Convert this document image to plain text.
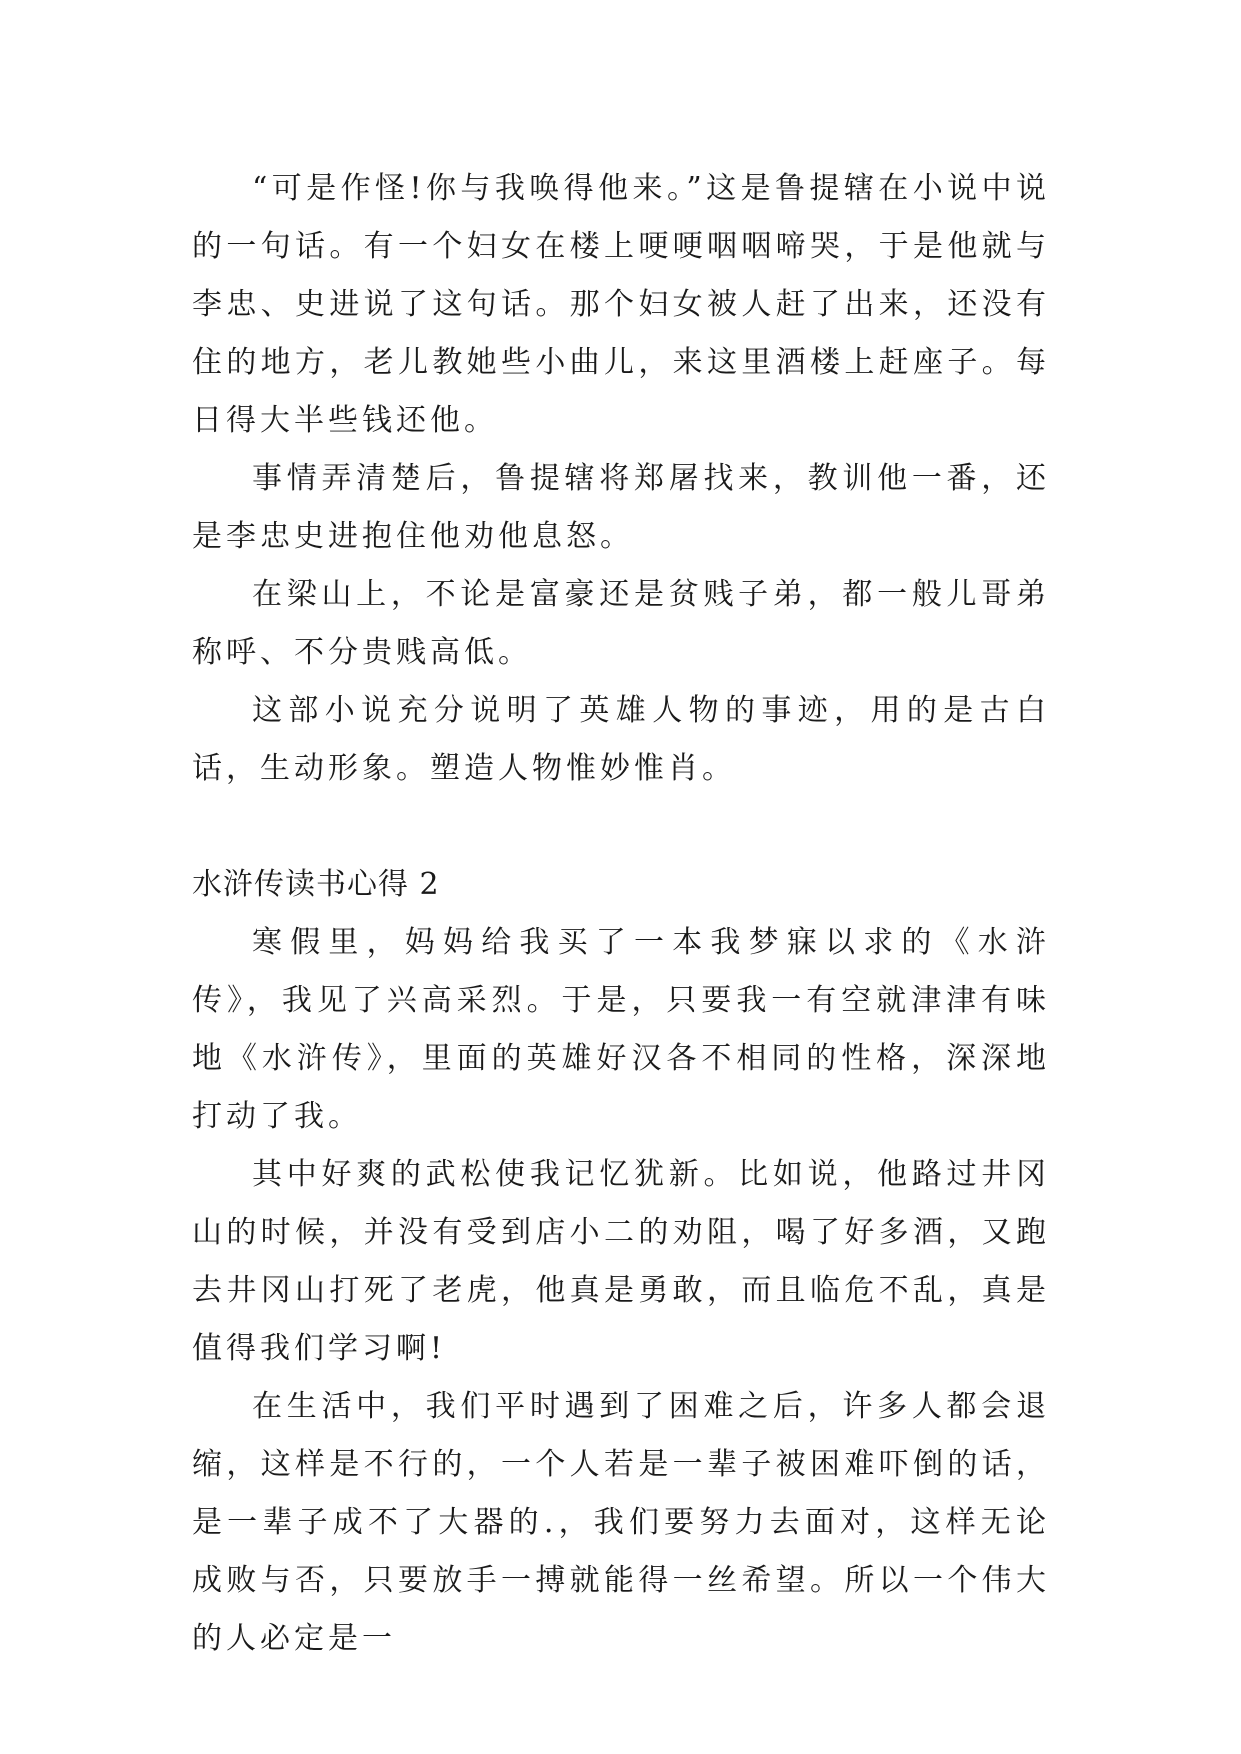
“可是作怪!你与我唤得他来。”这是鲁提辖在小说中说的一句话。有一个妇女在楼上哽哽咽咽啼哭，于是他就与李忠、史进说了这句话。那个妇女被人赶了出来，还没有住的地方，老儿教她些小曲儿，来这里酒楼上赶座子。每日得大半些钱还他。

事情弄清楚后，鲁提辖将郑屠找来，教训他一番，还是李忠史进抱住他劝他息怒。

在梁山上，不论是富豪还是贫贱子弟，都一般儿哥弟称呼、不分贵贱高低。

这部小说充分说明了英雄人物的事迹，用的是古白话，生动形象。塑造人物惟妙惟肖。

水浒传读书心得 2

寒假里，妈妈给我买了一本我梦寐以求的《水浒传》，我见了兴高采烈。于是，只要我一有空就津津有味地《水浒传》，里面的英雄好汉各不相同的性格，深深地打动了我。

其中好爽的武松使我记忆犹新。比如说，他路过井冈山的时候，并没有受到店小二的劝阻，喝了好多酒，又跑去井冈山打死了老虎，他真是勇敢，而且临危不乱，真是值得我们学习啊!

在生活中，我们平时遇到了困难之后，许多人都会退缩，这样是不行的，一个人若是一辈子被困难吓倒的话，是一辈子成不了大器的.，我们要努力去面对，这样无论成败与否，只要放手一搏就能得一丝希望。所以一个伟大的人必定是一
